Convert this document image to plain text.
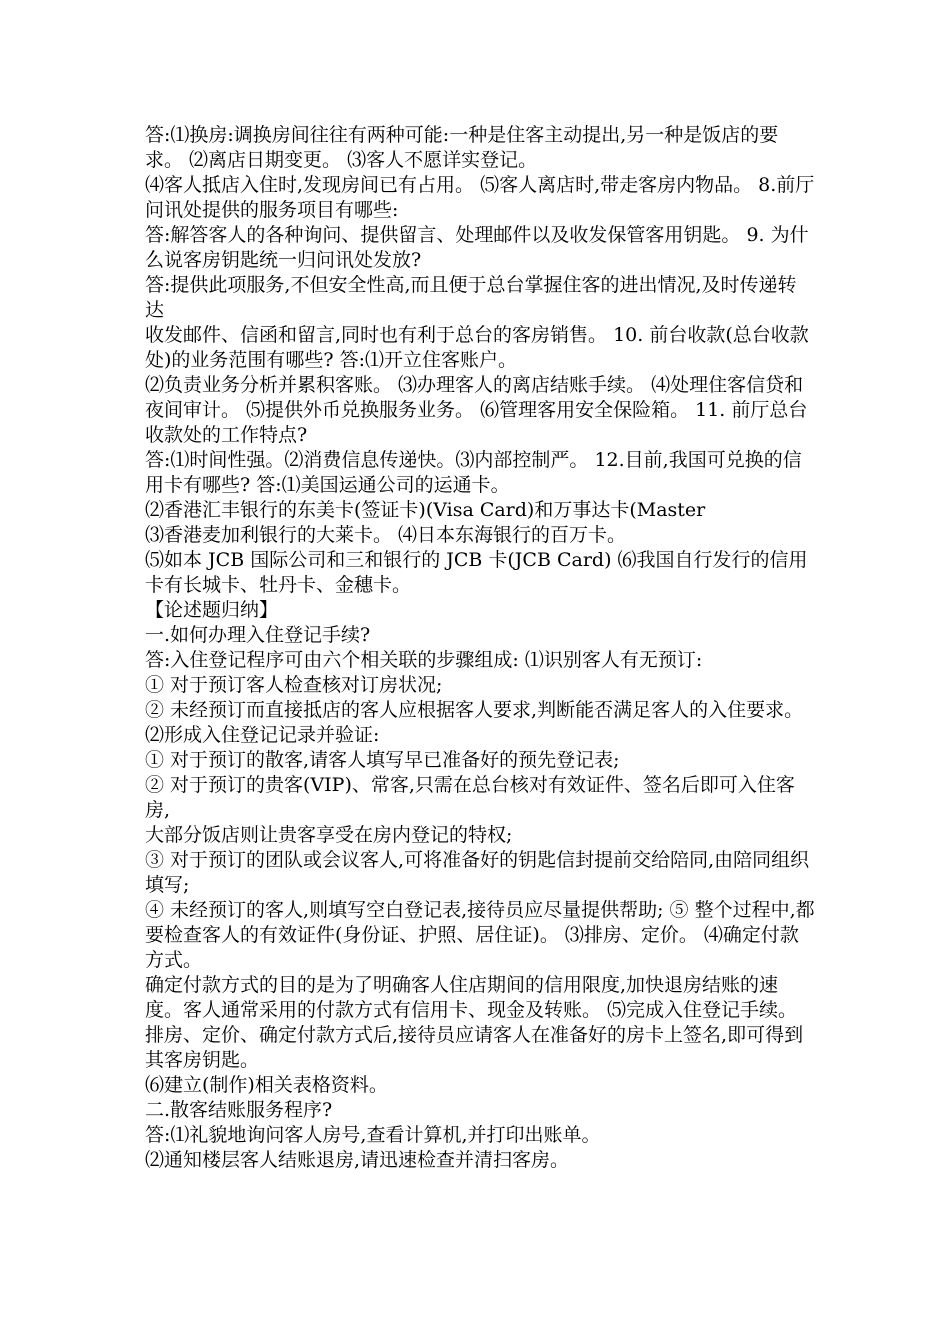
答:⑴换房:调换房间往往有两种可能:一种是住客主动提出,另一种是饭店的要求。 ⑵离店日期变更。 ⑶客人不愿详实登记。
⑷客人抵店入住时,发现房间已有占用。 ⑸客人离店时,带走客房内物品。 8.前厅问讯处提供的服务项目有哪些:
答:解答客人的各种询问、提供留言、处理邮件以及收发保管客用钥匙。 9. 为什么说客房钥匙统一归问讯处发放?
答:提供此项服务,不但安全性高,而且便于总台掌握住客的进出情况,及时传递转达
收发邮件、信函和留言,同时也有利于总台的客房销售。 10. 前台收款(总台收款处)的业务范围有哪些? 答:⑴开立住客账户。
⑵负责业务分析并累积客账。 ⑶办理客人的离店结账手续。 ⑷处理住客信贷和夜间审计。 ⑸提供外币兑换服务业务。 ⑹管理客用安全保险箱。 11. 前厅总台收款处的工作特点?
答:⑴时间性强。⑵消费信息传递快。⑶内部控制严。 12.目前,我国可兑换的信用卡有哪些? 答:⑴美国运通公司的运通卡。
⑵香港汇丰银行的东美卡(签证卡)(Visa Card)和万事达卡(Master
⑶香港麦加利银行的大莱卡。 ⑷日本东海银行的百万卡。
⑸如本 JCB 国际公司和三和银行的 JCB 卡(JCB Card) ⑹我国自行发行的信用卡有长城卡、牡丹卡、金穗卡。
【论述题归纳】
一.如何办理入住登记手续?
答:入住登记程序可由六个相关联的步骤组成: ⑴识别客人有无预订:
① 对于预订客人检查核对订房状况;
② 未经预订而直接抵店的客人应根据客人要求,判断能否满足客人的入住要求。 ⑵形成入住登记记录并验证:
① 对于预订的散客,请客人填写早已准备好的预先登记表;
② 对于预订的贵客(VIP)、常客,只需在总台核对有效证件、签名后即可入住客房,
大部分饭店则让贵客享受在房内登记的特权;
③ 对于预订的团队或会议客人,可将准备好的钥匙信封提前交给陪同,由陪同组织
填写;
④ 未经预订的客人,则填写空白登记表,接待员应尽量提供帮助; ⑤ 整个过程中,都要检查客人的有效证件(身份证、护照、居住证)。 ⑶排房、定价。 ⑷确定付款方式。
确定付款方式的目的是为了明确客人住店期间的信用限度,加快退房结账的速度。客人通常采用的付款方式有信用卡、现金及转账。 ⑸完成入住登记手续。
排房、定价、确定付款方式后,接待员应请客人在准备好的房卡上签名,即可得到其客房钥匙。
⑹建立(制作)相关表格资料。
二.散客结账服务程序?
答:⑴礼貌地询问客人房号,查看计算机,并打印出账单。
⑵通知楼层客人结账退房,请迅速检查并清扫客房。
